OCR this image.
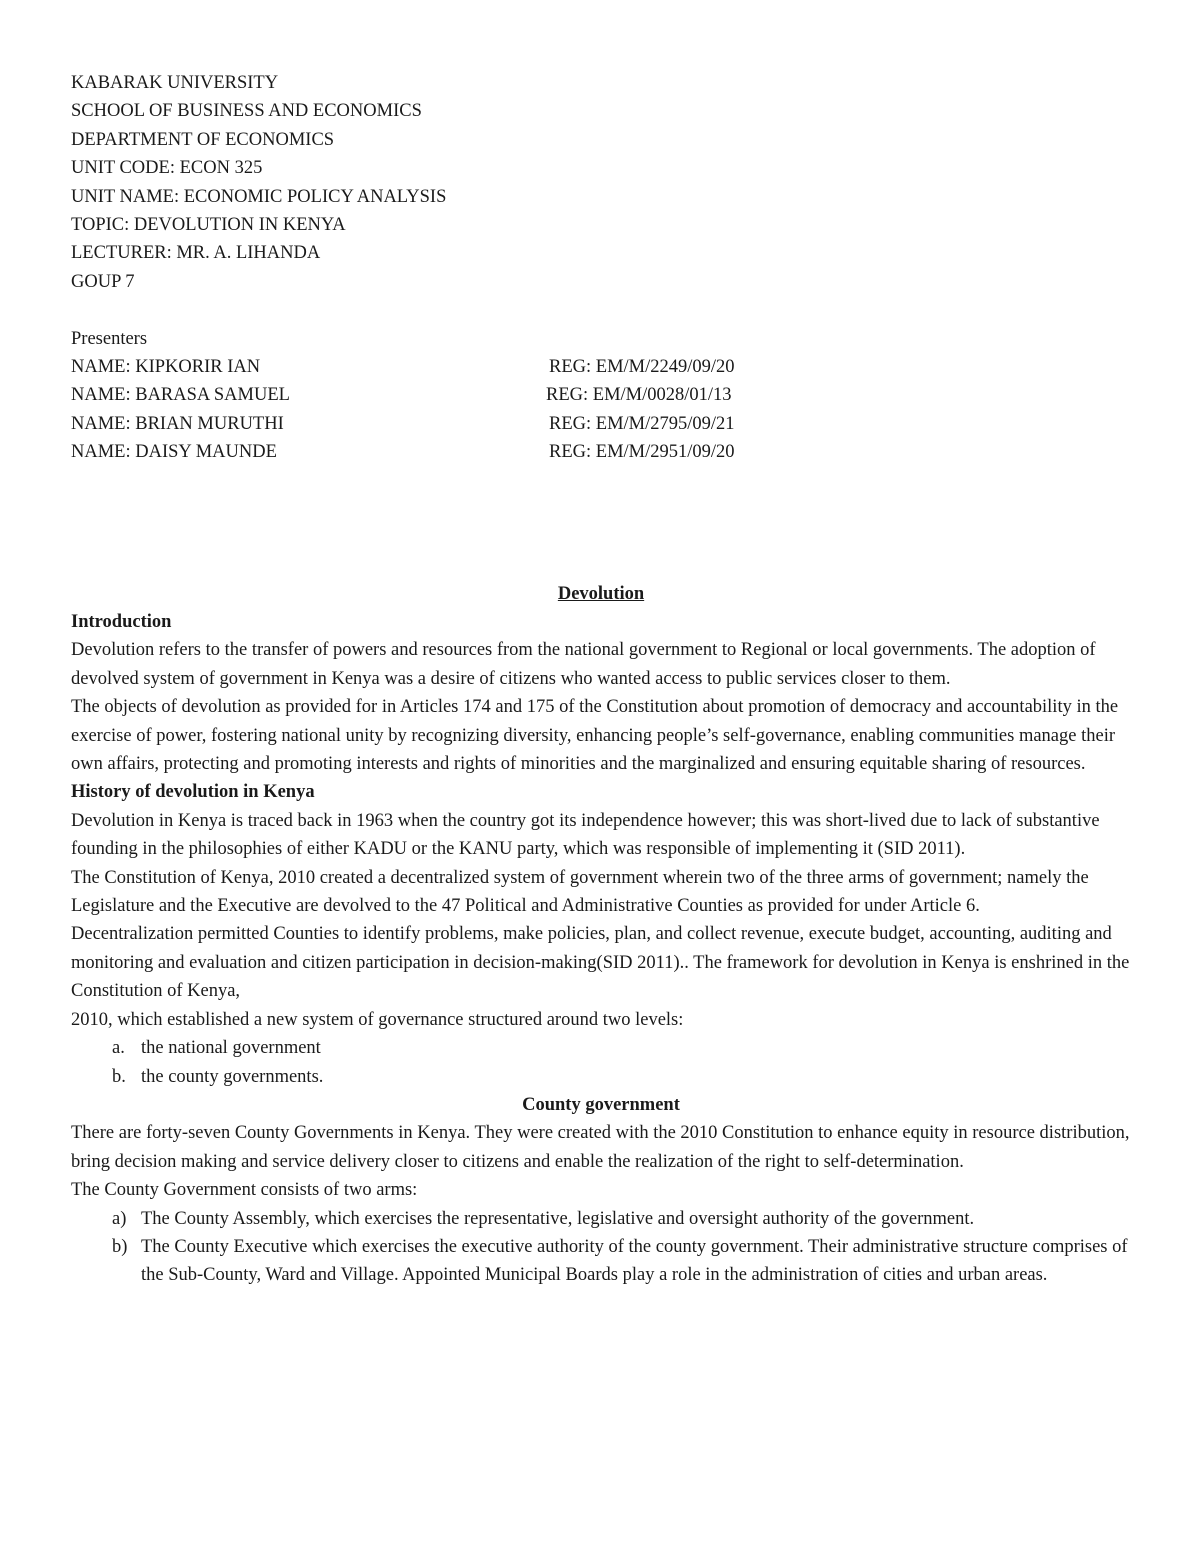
KABARAK UNIVERSITY
SCHOOL OF BUSINESS AND ECONOMICS
DEPARTMENT OF ECONOMICS
UNIT CODE: ECON 325
UNIT NAME: ECONOMIC POLICY ANALYSIS
TOPIC: DEVOLUTION IN KENYA
LECTURER: MR. A. LIHANDA
GOUP 7
Presenters
NAME: KIPKORIR IAN	REG: EM/M/2249/09/20
NAME: BARASA SAMUEL	REG: EM/M/0028/01/13
NAME: BRIAN MURUTHI	REG: EM/M/2795/09/21
NAME: DAISY MAUNDE	REG: EM/M/2951/09/20
Devolution
Introduction

Devolution refers to the transfer of powers and resources from the national government to Regional or local governments. The adoption of devolved system of government in Kenya was a desire of citizens who wanted access to public services closer to them.

The objects of devolution as provided for in Articles 174 and 175 of the Constitution about promotion of democracy and accountability in the exercise of power, fostering national unity by recognizing diversity, enhancing people’s self-governance, enabling communities manage their own affairs, protecting and promoting interests and rights of minorities and the marginalized and ensuring equitable sharing of resources.

History of devolution in Kenya

Devolution in Kenya is traced back in 1963 when the country got its independence however; this was short-lived due to lack of substantive founding in the philosophies of either KADU or the KANU party, which was responsible of implementing it (SID 2011).

The Constitution of Kenya, 2010 created a decentralized system of government wherein two of the three arms of government; namely the Legislature and the Executive are devolved to the 47 Political and Administrative Counties as provided for under Article 6.

Decentralization permitted Counties to identify problems, make policies, plan, and collect revenue, execute budget, accounting, auditing and monitoring and evaluation and citizen participation in decision-making(SID 2011).. The framework for devolution in Kenya is enshrined in the Constitution of Kenya,

2010, which established a new system of governance structured around two levels:

a. the national government
b. the county governments.
County government

There are forty-seven County Governments in Kenya. They were created with the 2010 Constitution to enhance equity in resource distribution, bring decision making and service delivery closer to citizens and enable the realization of the right to self-determination.

The County Government consists of two arms:

a) The County Assembly, which exercises the representative, legislative and oversight authority of the government.
b) The County Executive which exercises the executive authority of the county government. Their administrative structure comprises of the Sub-County, Ward and Village. Appointed Municipal Boards play a role in the administration of cities and urban areas.
